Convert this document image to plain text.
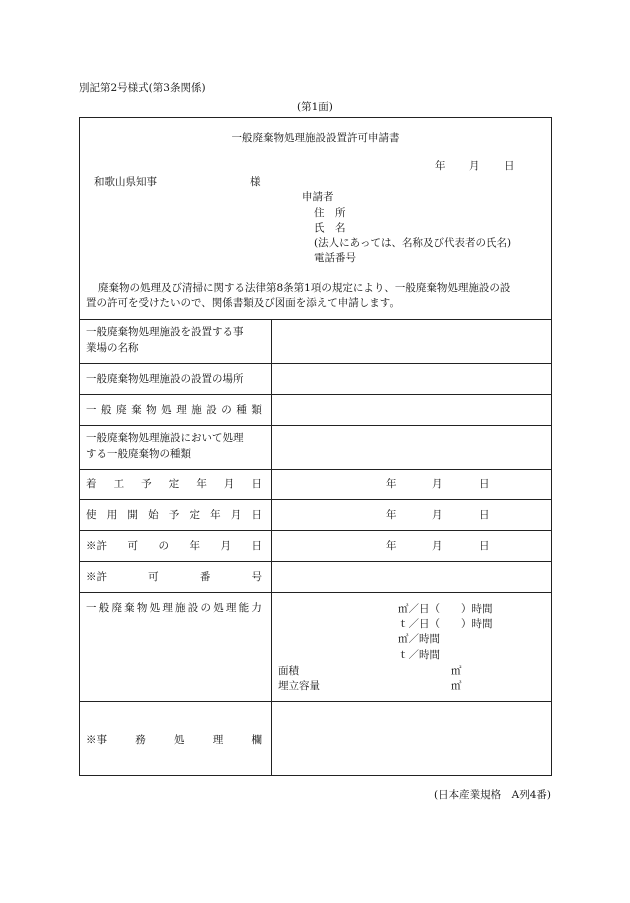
別記第2号様式(第3条関係)
(第1面)
一般廃棄物処理施設設置許可申請書
年 月 日
和歌山県知事	様
申請者
住　所
氏　名
(法人にあっては、名称及び代表者の氏名)
電話番号
廃棄物の処理及び清掃に関する法律第8条第1項の規定により、一般廃棄物処理施設の設
置の許可を受けたいので、関係書類及び図面を添えて申請します。
一般廃棄物処理施設を設置する事
業場の名称
一般廃棄物処理施設の設置の場所
一 般 廃 棄 物 処 理 施 設 の 種 類
一般廃棄物処理施設において処理
する一般廃棄物の種類
着 工 予 定 年 月 日	年	月	日
使 用 開 始 予 定 年 月 日	年	月	日
※許 可 の 年 月 日	年	月	日
※許	可	番	号
一 般 廃 棄 物 処 理 施 設 の 処 理 能 力	㎥／日（ ）時間
ｔ／日（ ）時間
㎥／時間
ｔ／時間
面積	㎡
埋立容量	㎥
※事	務	処	理	欄
(日本産業規格　A列4番)
